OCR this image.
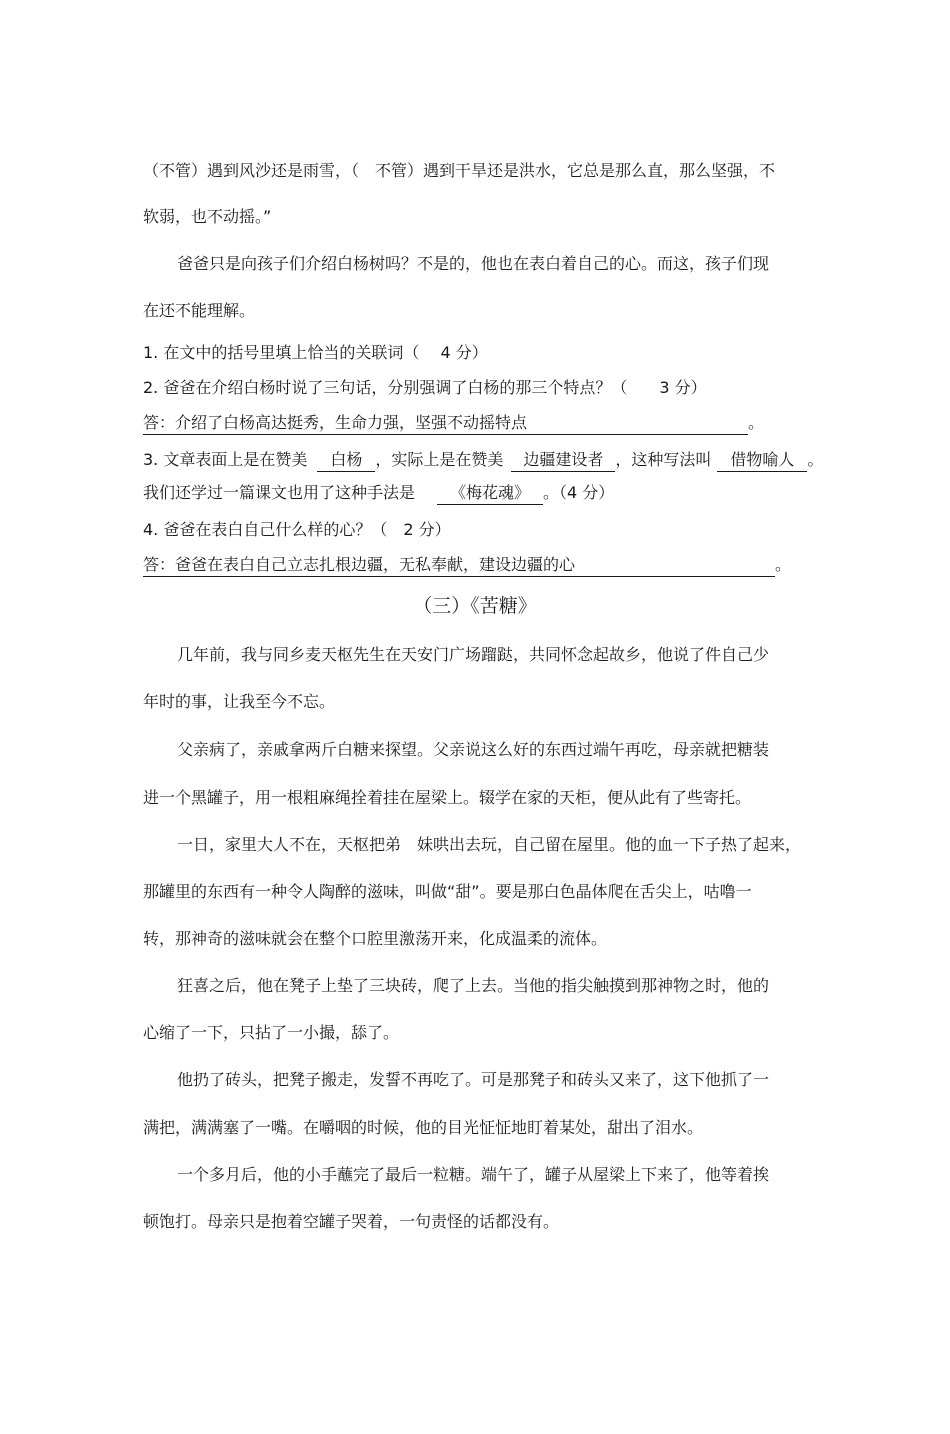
（不管）遇到风沙还是雨雪，（　不管）遇到干旱还是洪水，它总是那么直，那么坚强，不
软弱，也不动摇。”
爸爸只是向孩子们介绍白杨树吗？不是的，他也在表白着自己的心。而这，孩子们现
在还不能理解。
1. 在文中的括号里填上恰当的关联词（　 4 分）
2. 爸爸在介绍白杨时说了三句话，分别强调了白杨的那三个特点？（　　3 分）
答：介绍了白杨高达挺秀，生命力强，坚强不动摇特点	。
3. 文章表面上是在赞美 白杨 ，实际上是在赞美 边疆建设者 ，这种写法叫 借物喻人 。
我们还学过一篇课文也用了这种手法是 《梅花魂》 。（4 分）
4. 爸爸在表白自己什么样的心？（　2 分）
答：爸爸在表白自己立志扎根边疆，无私奉献，建设边疆的心	。
（三）《苦糖》
几年前，我与同乡麦天枢先生在天安门广场蹓跶，共同怀念起故乡，他说了件自己少
年时的事，让我至今不忘。
父亲病了，亲戚拿两斤白糖来探望。父亲说这么好的东西过端午再吃，母亲就把糖装
进一个黑罐子，用一根粗麻绳拴着挂在屋梁上。辍学在家的天柜，便从此有了些寄托。
一日，家里大人不在，天枢把弟　妹哄出去玩，自己留在屋里。他的血一下子热了起来，
那罐里的东西有一种令人陶醉的滋味，叫做“甜”。要是那白色晶体爬在舌尖上，咕噜一
转，那神奇的滋味就会在整个口腔里激荡开来，化成温柔的流体。
狂喜之后，他在凳子上垫了三块砖，爬了上去。当他的指尖触摸到那神物之时，他的
心缩了一下，只拈了一小撮，舔了。
他扔了砖头，把凳子搬走，发誓不再吃了。可是那凳子和砖头又来了，这下他抓了一
满把，满满塞了一嘴。在嚼咽的时候，他的目光怔怔地盯着某处，甜出了泪水。
一个多月后，他的小手蘸完了最后一粒糖。端午了，罐子从屋梁上下来了，他等着挨
顿饱打。母亲只是抱着空罐子哭着，一句责怪的话都没有。
